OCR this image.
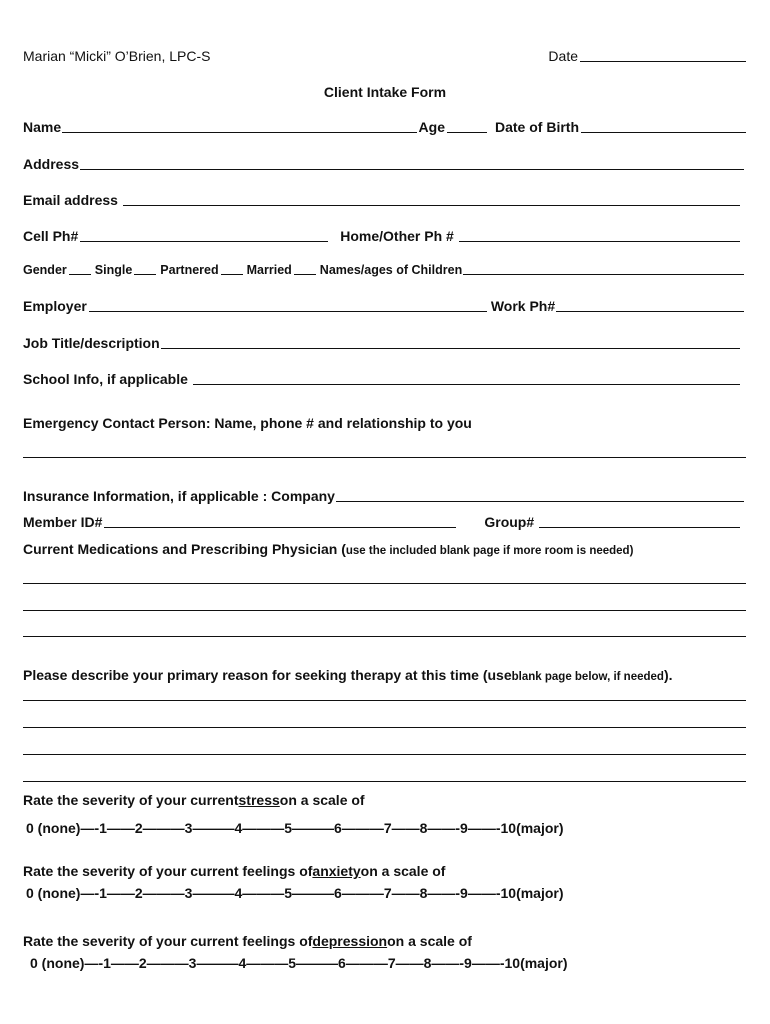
Marian “Micki” O’Brien, LPC-S	Date
Client Intake Form
Name	Age	Date of Birth
Address
Email address
Cell Ph#	Home/Other Ph #
Gender Single Partnered Married Names/ages of Children
Employer	Work Ph#
Job Title/description
School Info, if applicable
Emergency Contact Person: Name, phone # and relationship to you
Insurance Information, if applicable : Company
Member ID#	Group#
Current Medications and Prescribing Physician ( use the included blank page if more room is needed)
Please describe your primary reason for seeking therapy at this time (use blank page below, if needed ).
Rate the severity of your current stress on a scale of
0 (none)—-1——2———3———4———5———6———7——8——-9——-10(major)
Rate the severity of your current feelings of anxiety on a scale of
0 (none)—-1——2———3———4———5———6———7——8——-9——-10(major)
Rate the severity of your current feelings of depression on a scale of
0 (none)—-1——2———3———4———5———6———7——8——-9——-10(major)
